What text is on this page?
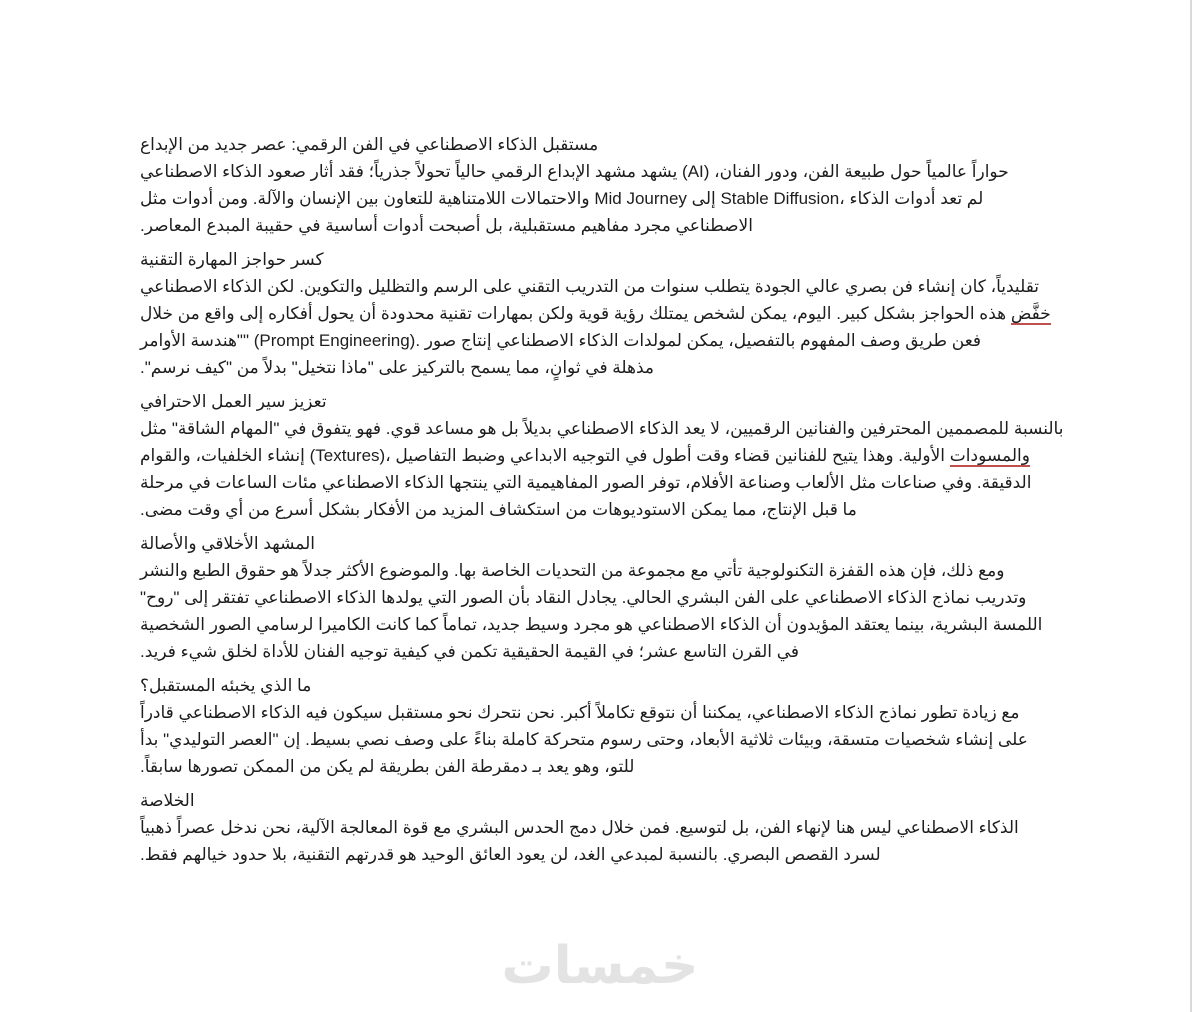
مستقبل الذكاء الاصطناعي في الفن الرقمي: عصر جديد من الإبداع
حواراً عالمياً حول طبيعة الفن، ودور الفنان، (AI) يشهد مشهد الإبداع الرقمي حالياً تحولاً جذرياً؛ فقد أثار صعود الذكاء الاصطناعي
لم تعد أدوات الذكاء ،Stable Diffusion إلى Mid Journey والاحتمالات اللامتناهية للتعاون بين الإنسان والآلة. ومن أدوات مثل
الاصطناعي مجرد مفاهيم مستقبلية، بل أصبحت أدوات أساسية في حقيبة المبدع المعاصر.
كسر حواجز المهارة التقنية
تقليدياً، كان إنشاء فن بصري عالي الجودة يتطلب سنوات من التدريب التقني على الرسم والتظليل والتكوين. لكن الذكاء الاصطناعي
خفَّض هذه الحواجز بشكل كبير. اليوم، يمكن لشخص يمتلك رؤية قوية ولكن بمهارات تقنية محدودة أن يحول أفكاره إلى واقع من خلال
فعن طريق وصف المفهوم بالتفصيل، يمكن لمولدات الذكاء الاصطناعي إنتاج صور .(Prompt Engineering) ""هندسة الأوامر
مذهلة في ثوانٍ، مما يسمح بالتركيز على "ماذا نتخيل" بدلاً من "كيف نرسم".
تعزيز سير العمل الاحترافي
بالنسبة للمصممين المحترفين والفنانين الرقميين، لا يعد الذكاء الاصطناعي بديلاً بل هو مساعد قوي. فهو يتفوق في "المهام الشاقة" مثل
والمسودات الأولية. وهذا يتيح للفنانين قضاء وقت أطول في التوجيه الابداعي وضبط التفاصيل ،(Textures) إنشاء الخلفيات، والقوام
الدقيقة. وفي صناعات مثل الألعاب وصناعة الأفلام، توفر الصور المفاهيمية التي ينتجها الذكاء الاصطناعي مئات الساعات في مرحلة
ما قبل الإنتاج، مما يمكن الاستوديوهات من استكشاف المزيد من الأفكار بشكل أسرع من أي وقت مضى.
المشهد الأخلاقي والأصالة
ومع ذلك، فإن هذه القفزة التكنولوجية تأتي مع مجموعة من التحديات الخاصة بها. والموضوع الأكثر جدلاً هو حقوق الطبع والنشر
وتدريب نماذج الذكاء الاصطناعي على الفن البشري الحالي. يجادل النقاد بأن الصور التي يولدها الذكاء الاصطناعي تفتقر إلى "روح"
اللمسة البشرية، بينما يعتقد المؤيدون أن الذكاء الاصطناعي هو مجرد وسيط جديد، تماماً كما كانت الكاميرا لرسامي الصور الشخصية
في القرن التاسع عشر؛ في القيمة الحقيقية تكمن في كيفية توجيه الفنان للأداة لخلق شيء فريد.
ما الذي يخبئه المستقبل؟
مع زيادة تطور نماذج الذكاء الاصطناعي، يمكننا أن نتوقع تكاملاً أكبر. نحن نتحرك نحو مستقبل سيكون فيه الذكاء الاصطناعي قادراً
على إنشاء شخصيات متسقة، وبيئات ثلاثية الأبعاد، وحتى رسوم متحركة كاملة بناءً على وصف نصي بسيط. إن "العصر التوليدي" بدأ
للتو، وهو يعد بـ دمقرطة الفن بطريقة لم يكن من الممكن تصورها سابقاً.
الخلاصة
الذكاء الاصطناعي ليس هنا لإنهاء الفن، بل لتوسيع. فمن خلال دمج الحدس البشري مع قوة المعالجة الآلية، نحن ندخل عصراً ذهبياً
لسرد القصص البصري. بالنسبة لمبدعي الغد، لن يعود العائق الوحيد هو قدرتهم التقنية، بلا حدود خيالهم فقط.
خمسات
